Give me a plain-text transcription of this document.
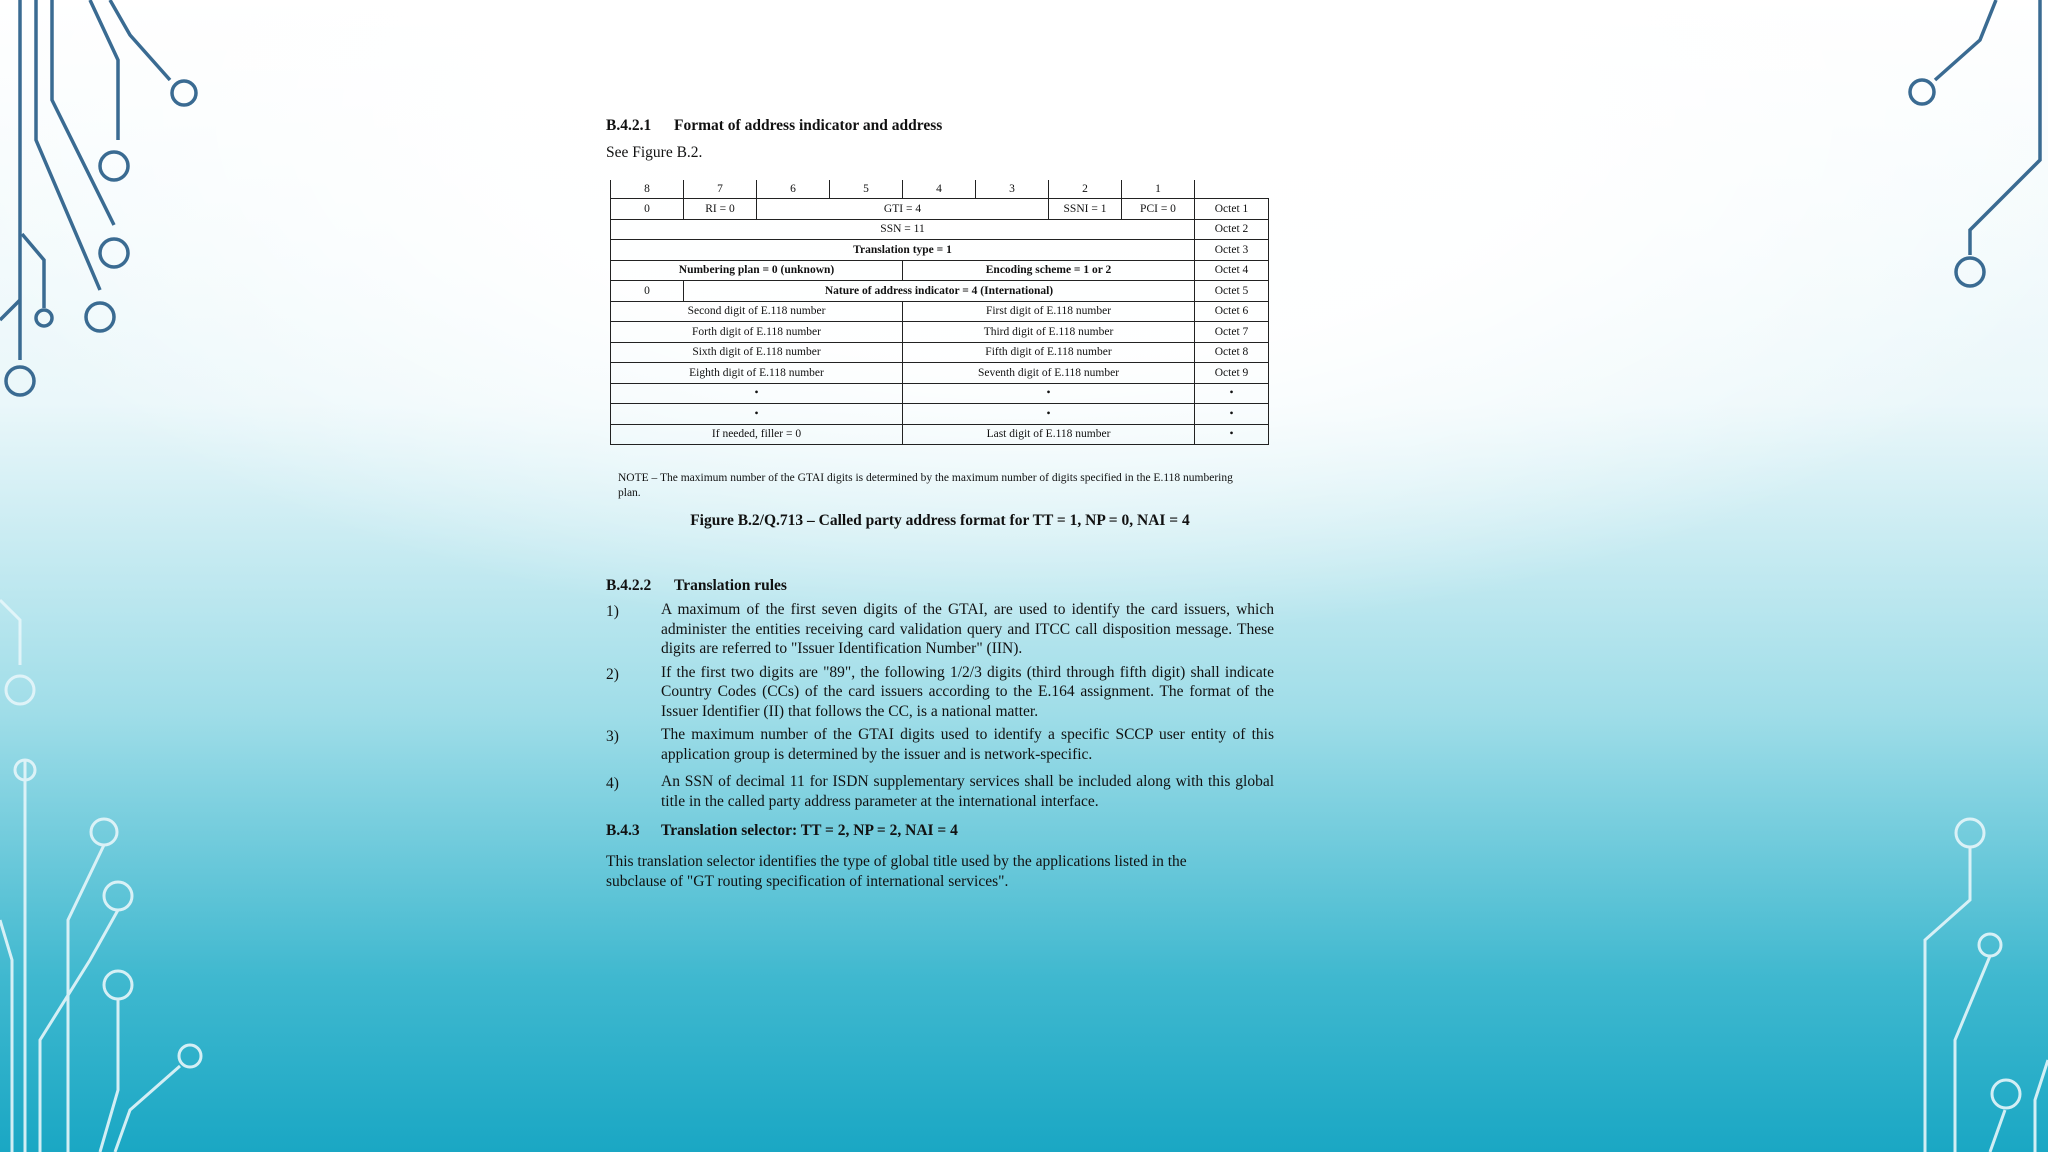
B.4.2.1 Format of address indicator and address

See Figure B.2.

8	7	6	5	4	3	2	1	
0	RI = 0	GTI = 4				SSNI = 1	PCI = 0	Octet 1
SSN = 11								Octet 2
Translation type = 1								Octet 3
Numbering plan = 0 (unknown)				Encoding scheme = 1 or 2				Octet 4
0	Nature of address indicator = 4 (International)							Octet 5
Second digit of E.118 number				First digit of E.118 number				Octet 6
Forth digit of E.118 number				Third digit of E.118 number				Octet 7
Sixth digit of E.118 number				Fifth digit of E.118 number				Octet 8
Eighth digit of E.118 number				Seventh digit of E.118 number				Octet 9
•				•				•
•				•				•
If needed, filler = 0				Last digit of E.118 number				•
NOTE – The maximum number of the GTAI digits is determined by the maximum number of digits specified in the E.118 numbering plan.
Figure B.2/Q.713 – Called party address format for TT = 1, NP = 0, NAI = 4

B.4.2.2 Translation rules

1)	A maximum of the first seven digits of the GTAI, are used to identify the card issuers, which administer the entities receiving card validation query and ITCC call disposition message. These digits are referred to "Issuer Identification Number" (IIN).
2)	If the first two digits are "89", the following 1/2/3 digits (third through fifth digit) shall indicate Country Codes (CCs) of the card issuers according to the E.164 assignment. The format of the Issuer Identifier (II) that follows the CC, is a national matter.
3)	The maximum number of the GTAI digits used to identify a specific SCCP user entity of this application group is determined by the issuer and is network-specific.
4)	An SSN of decimal 11 for ISDN supplementary services shall be included along with this global title in the called party address parameter at the international interface.

B.4.3 Translation selector: TT = 2, NP = 2, NAI = 4

This translation selector identifies the type of global title used by the applications listed in the subclause of "GT routing specification of international services".
